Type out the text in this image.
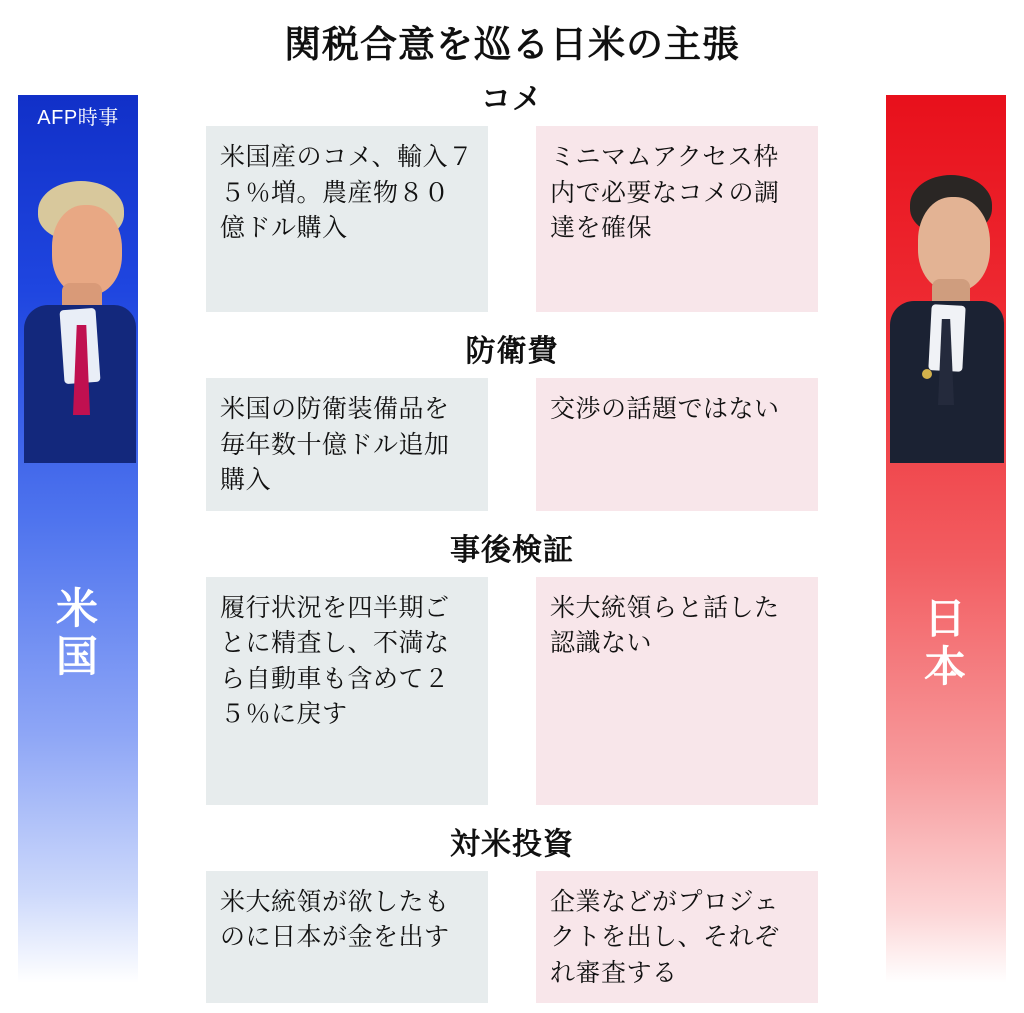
関税合意を巡る日米の主張
AFP時事
米
国
日
本
コメ
米国産のコメ、輸入７５％増。農産物８０億ドル購入
ミニマムアクセス枠内で必要なコメの調達を確保
防衛費
米国の防衛装備品を毎年数十億ドル追加購入
交渉の話題ではない
事後検証
履行状況を四半期ごとに精査し、不満なら自動車も含めて２５％に戻す
米大統領らと話した認識ない
対米投資
米大統領が欲したものに日本が金を出す
企業などがプロジェクトを出し、それぞれ審査する
